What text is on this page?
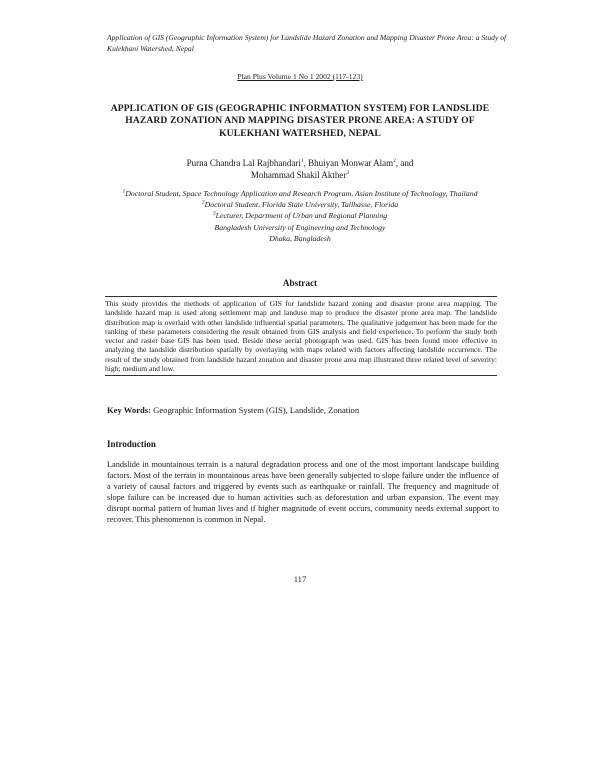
Application of GIS (Geographic Information System) for Landslide Hazard Zonation and Mapping Disaster Prone Area: a Study of Kulekhani Watershed, Nepal
Plan Plus Volume 1 No 1 2002 (117-123)
APPLICATION OF GIS (GEOGRAPHIC INFORMATION SYSTEM) FOR LANDSLIDE HAZARD ZONATION AND MAPPING DISASTER PRONE AREA: A STUDY OF KULEKHANI WATERSHED, NEPAL
Purna Chandra Lal Rajbhandari$^1$, Bhuiyan Monwar Alam$^2$, and
Mohammad Shakil Akther$^3$
$^1$Doctoral Student, Space Technology Application and Research Program, Asian Institute of Technology, Thailand
$^2$Doctoral Student, Florida State University, Tallhasse, Florida
$^3$Lecturer, Department of Urban and Regional Planning
Bangladesh University of Engineering and Technology
Dhaka, Bangladesh
Abstract

This study provides the methods of application of GIS for landslide hazard zoning and disaster prone area mapping. The landslide hazard map is used along settlement map and landuse map to produce the disaster prone area map. The landslide distribution map is overlaid with other landslide influential spatial parameters. The qualitative judgement has been made for the ranking of these parameters considering the result obtained from GIS analysis and field experience. To perform the study both vector and raster base GIS has been used. Beside these aerial photograph was used. GIS has been found more effective in analyzing the landslide distribution spatially by overlaying with maps related with factors affecting landslide occurrence. The result of the study obtained from landslide hazard zonation and disaster prone area map illustrated three related level of severity: high; medium and low.

Key Words: Geographic Information System (GIS), Landslide, Zonation
Introduction

Landslide in mountainous terrain is a natural degradation process and one of the most important landscape building factors. Most of the terrain in mountainous areas have been generally subjected to slope failure under the influence of a variety of causal factors and triggered by events such as earthquake or rainfall. The frequency and magnitude of slope failure can be increased due to human activities such as deforestation and urban expansion. The event may disrupt normal pattern of human lives and if higher magnitude of event occurs, community needs external support to recover. This phenomenon is common in Nepal.

117
